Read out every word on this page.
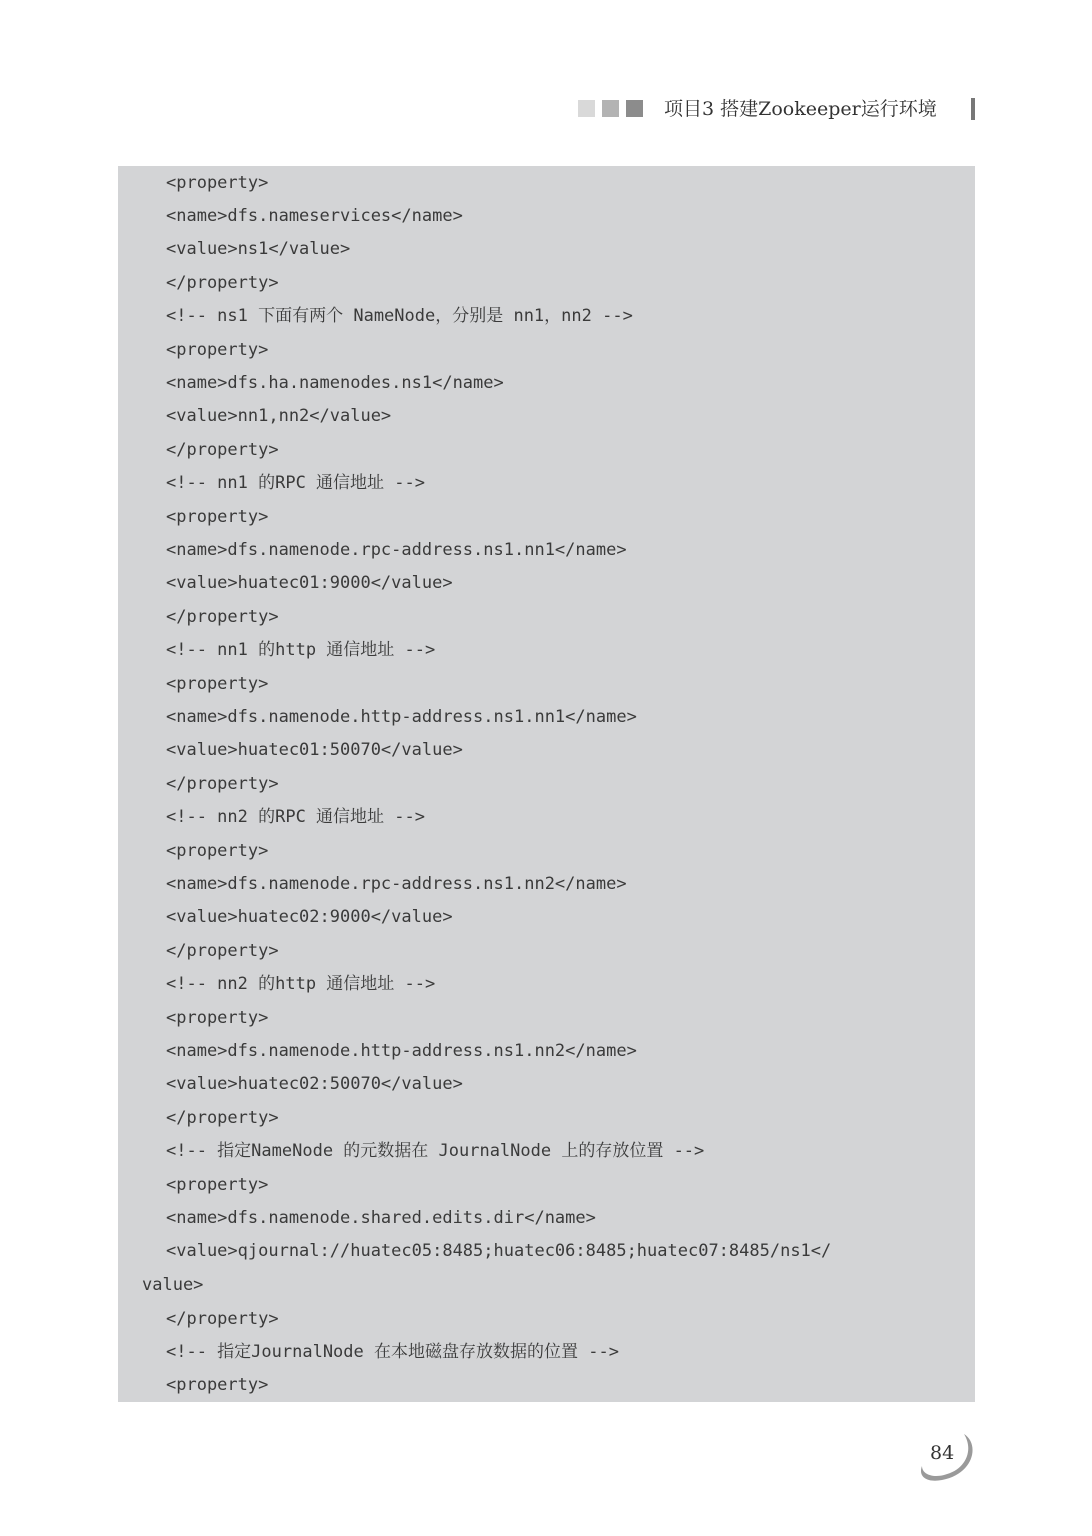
项目3 搭建Zookeeper运行环境
<property>
<name>dfs.nameservices</name>
<value>ns1</value>
</property>
<!-- ns1 下面有两个 NameNode，分别是 nn1，nn2 -->
<property>
<name>dfs.ha.namenodes.ns1</name>
<value>nn1,nn2</value>
</property>
<!-- nn1 的RPC 通信地址 -->
<property>
<name>dfs.namenode.rpc-address.ns1.nn1</name>
<value>huatec01:9000</value>
</property>
<!-- nn1 的http 通信地址 -->
<property>
<name>dfs.namenode.http-address.ns1.nn1</name>
<value>huatec01:50070</value>
</property>
<!-- nn2 的RPC 通信地址 -->
<property>
<name>dfs.namenode.rpc-address.ns1.nn2</name>
<value>huatec02:9000</value>
</property>
<!-- nn2 的http 通信地址 -->
<property>
<name>dfs.namenode.http-address.ns1.nn2</name>
<value>huatec02:50070</value>
</property>
<!-- 指定NameNode 的元数据在 JournalNode 上的存放位置 -->
<property>
<name>dfs.namenode.shared.edits.dir</name>
<value>qjournal://huatec05:8485;huatec06:8485;huatec07:8485/ns1</
value>
</property>
<!-- 指定JournalNode 在本地磁盘存放数据的位置 -->
<property>
84
